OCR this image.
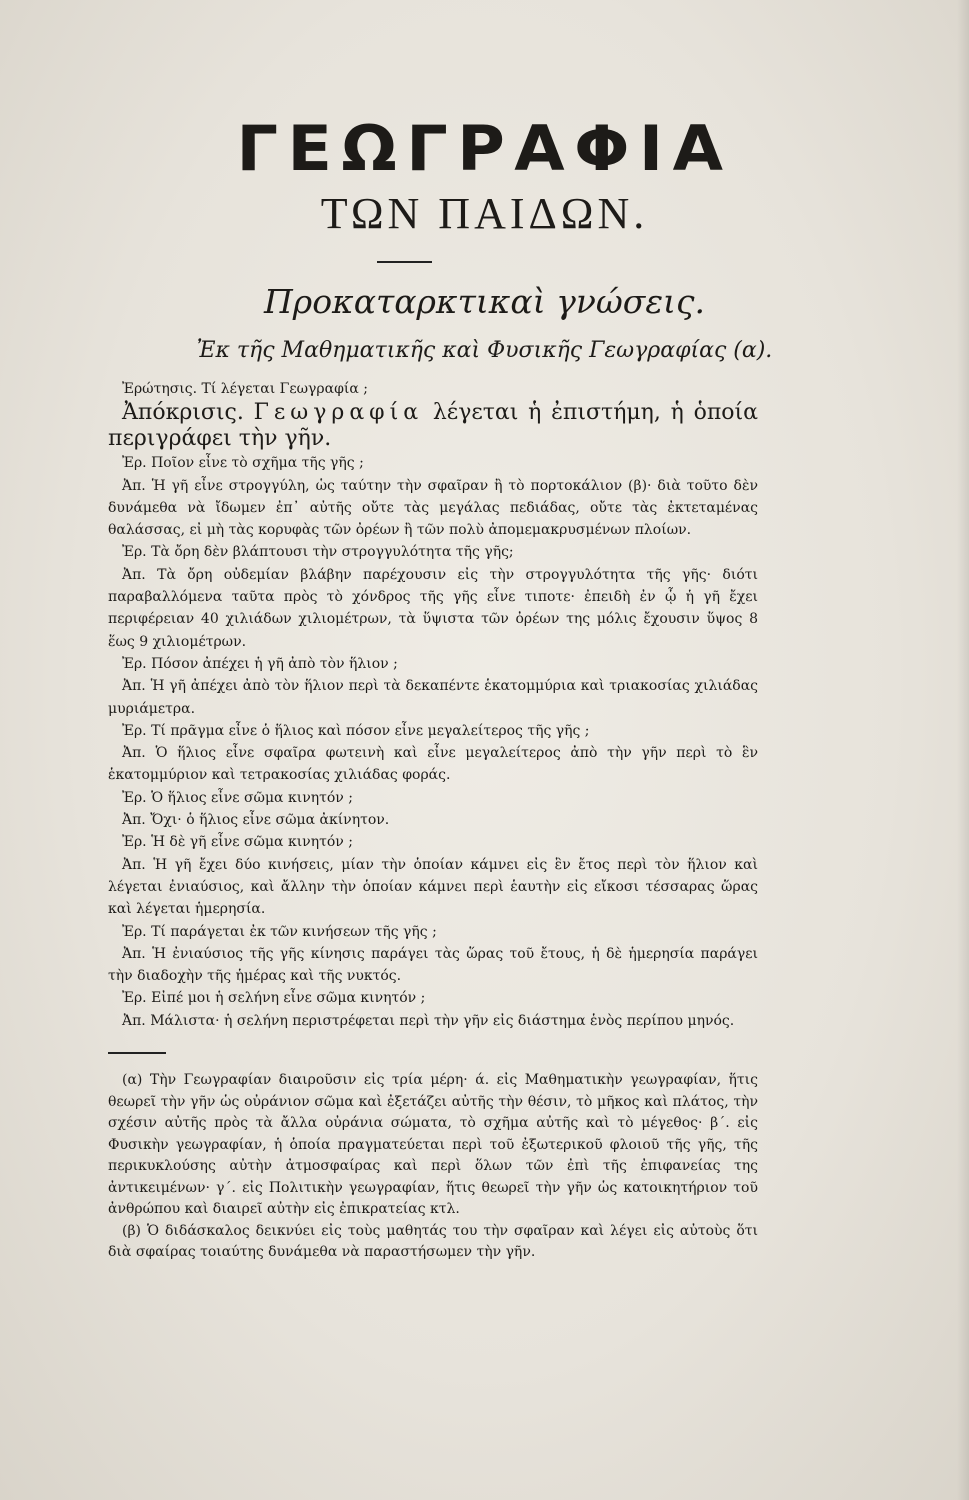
ΓΕΩΓΡΑΦΙΑ
ΤΩΝ ΠΑΙΔΩΝ.
Προκαταρκτικαὶ γνώσεις.
Ἐκ τῆς Μαθηματικῆς καὶ Φυσικῆς Γεωγραφίας (α).

Ἐρώτησις. Τί λέγεται Γεωγραφία ;

Ἀπόκρισις. Γεωγραφία λέγεται ἡ ἐπιστήμη, ἡ ὁποία περιγράφει τὴν γῆν.

Ἐρ. Ποῖον εἶνε τὸ σχῆμα τῆς γῆς ;

Ἀπ. Ἡ γῆ εἶνε στρογγύλη, ὡς ταύτην τὴν σφαῖραν ἢ τὸ πορτοκάλιον (β)· διὰ τοῦτο δὲν δυνάμεθα νὰ ἴδωμεν ἐπ᾽ αὐτῆς οὔτε τὰς μεγάλας πεδιάδας, οὔτε τὰς ἐκτεταμένας θαλάσσας, εἰ μὴ τὰς κορυφὰς τῶν ὀρέων ἢ τῶν πολὺ ἀπομεμακρυσμένων πλοίων.

Ἐρ. Τὰ ὄρη δὲν βλάπτουσι τὴν στρογγυλότητα τῆς γῆς;

Ἀπ. Τὰ ὄρη οὐδεμίαν βλάβην παρέχουσιν εἰς τὴν στρογγυλότητα τῆς γῆς· διότι παραβαλλόμενα ταῦτα πρὸς τὸ χόνδρος τῆς γῆς εἶνε τιποτε· ἐπειδὴ ἐν ᾧ ἡ γῆ ἔχει περιφέρειαν 40 χιλιάδων χιλιομέτρων, τὰ ὕψιστα τῶν ὀρέων της μόλις ἔχουσιν ὕψος 8 ἕως 9 χιλιομέτρων.

Ἐρ. Πόσον ἀπέχει ἡ γῆ ἀπὸ τὸν ἥλιον ;

Ἀπ. Ἡ γῆ ἀπέχει ἀπὸ τὸν ἥλιον περὶ τὰ δεκαπέντε ἑκατομμύρια καὶ τριακοσίας χιλιάδας μυριάμετρα.

Ἐρ. Τί πρᾶγμα εἶνε ὁ ἥλιος καὶ πόσον εἶνε μεγαλείτερος τῆς γῆς ;

Ἀπ. Ὁ ἥλιος εἶνε σφαῖρα φωτεινὴ καὶ εἶνε μεγαλείτερος ἀπὸ τὴν γῆν περὶ τὸ ἓν ἑκατομμύριον καὶ τετρακοσίας χιλιάδας φοράς.

Ἐρ. Ὁ ἥλιος εἶνε σῶμα κινητόν ;

Ἀπ. Ὄχι· ὁ ἥλιος εἶνε σῶμα ἀκίνητον.

Ἐρ. Ἡ δὲ γῆ εἶνε σῶμα κινητόν ;

Ἀπ. Ἡ γῆ ἔχει δύο κινήσεις, μίαν τὴν ὁποίαν κάμνει εἰς ἓν ἔτος περὶ τὸν ἥλιον καὶ λέγεται ἐνιαύσιος, καὶ ἄλλην τὴν ὁποίαν κάμνει περὶ ἑαυτὴν εἰς εἴκοσι τέσσαρας ὥρας καὶ λέγεται ἡμερησία.

Ἐρ. Τί παράγεται ἐκ τῶν κινήσεων τῆς γῆς ;

Ἀπ. Ἡ ἐνιαύσιος τῆς γῆς κίνησις παράγει τὰς ὥρας τοῦ ἔτους, ἡ δὲ ἡμερησία παράγει τὴν διαδοχὴν τῆς ἡμέρας καὶ τῆς νυκτός.

Ἐρ. Εἰπέ μοι ἡ σελήνη εἶνε σῶμα κινητόν ;

Ἀπ. Μάλιστα· ἡ σελήνη περιστρέφεται περὶ τὴν γῆν εἰς διάστημα ἑνὸς περίπου μηνός.

(α) Τὴν Γεωγραφίαν διαιροῦσιν εἰς τρία μέρη· ά. εἰς Μαθηματικὴν γεωγραφίαν, ἥτις θεωρεῖ τὴν γῆν ὡς οὐράνιον σῶμα καὶ ἐξετάζει αὐτῆς τὴν θέσιν, τὸ μῆκος καὶ πλάτος, τὴν σχέσιν αὐτῆς πρὸς τὰ ἄλλα οὐράνια σώματα, τὸ σχῆμα αὐτῆς καὶ τὸ μέγεθος· β΄. εἰς Φυσικὴν γεωγραφίαν, ἡ ὁποία πραγματεύεται περὶ τοῦ ἐξωτερικοῦ φλοιοῦ τῆς γῆς, τῆς περικυκλούσης αὐτὴν ἀτμοσφαίρας καὶ περὶ ὅλων τῶν ἐπὶ τῆς ἐπιφανείας της ἀντικειμένων· γ΄. εἰς Πολιτικὴν γεωγραφίαν, ἥτις θεωρεῖ τὴν γῆν ὡς κατοικητήριον τοῦ ἀνθρώπου καὶ διαιρεῖ αὐτὴν εἰς ἐπικρατείας κτλ.

(β) Ὁ διδάσκαλος δεικνύει εἰς τοὺς μαθητάς του τὴν σφαῖραν καὶ λέγει εἰς αὐτοὺς ὅτι διὰ σφαίρας τοιαύτης δυνάμεθα νὰ παραστήσωμεν τὴν γῆν.
